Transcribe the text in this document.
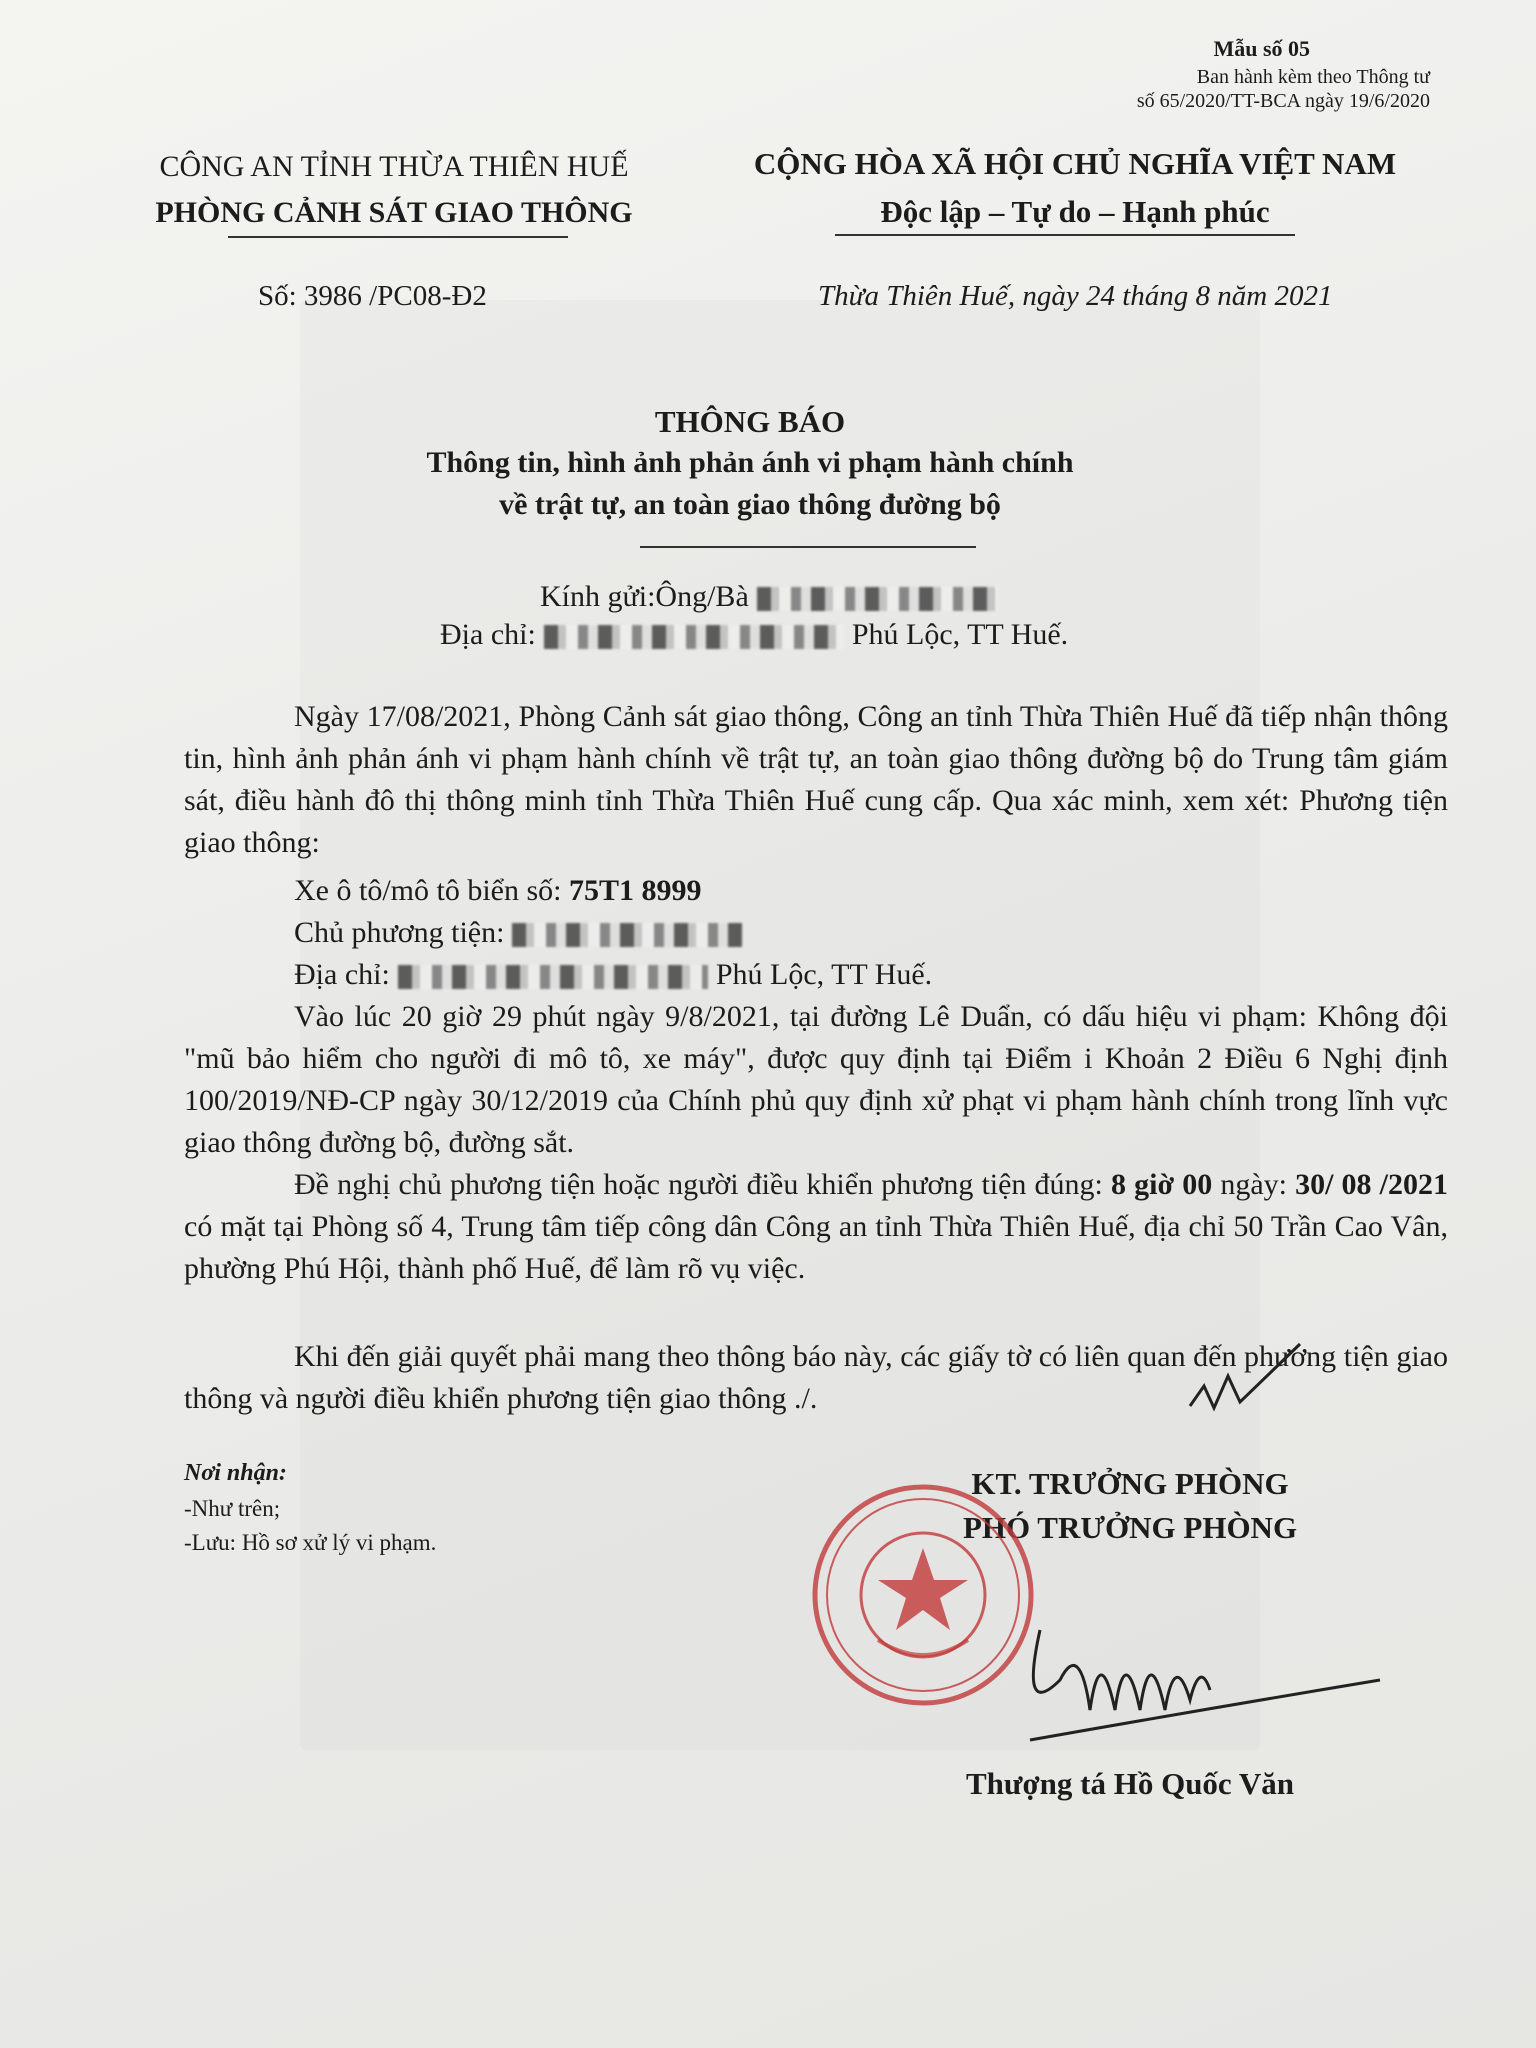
Mẫu số 05
Ban hành kèm theo Thông tư
số 65/2020/TT-BCA ngày 19/6/2020
CÔNG AN TỈNH THỪA THIÊN HUẾ
PHÒNG CẢNH SÁT GIAO THÔNG
CỘNG HÒA XÃ HỘI CHỦ NGHĨA VIỆT NAM
Độc lập – Tự do – Hạnh phúc
Số: 3986 /PC08-Đ2	Thừa Thiên Huế, ngày 24 tháng 8 năm 2021
THÔNG BÁO
Thông tin, hình ảnh phản ánh vi phạm hành chính
về trật tự, an toàn giao thông đường bộ
Kính gửi:Ông/Bà
Địa chỉ:	Phú Lộc, TT Huế.
Ngày 17/08/2021, Phòng Cảnh sát giao thông, Công an tỉnh Thừa Thiên Huế đã tiếp nhận thông tin, hình ảnh phản ánh vi phạm hành chính về trật tự, an toàn giao thông đường bộ do Trung tâm giám sát, điều hành đô thị thông minh tỉnh Thừa Thiên Huế cung cấp. Qua xác minh, xem xét: Phương tiện giao thông:
Xe ô tô/mô tô biển số: 75T1 8999
Chủ phương tiện:
Địa chỉ:	Phú Lộc, TT Huế.
Vào lúc 20 giờ 29 phút ngày 9/8/2021, tại đường Lê Duẩn, có dấu hiệu vi phạm: Không đội "mũ bảo hiểm cho người đi mô tô, xe máy", được quy định tại Điểm i Khoản 2 Điều 6 Nghị định 100/2019/NĐ-CP ngày 30/12/2019 của Chính phủ quy định xử phạt vi phạm hành chính trong lĩnh vực giao thông đường bộ, đường sắt.
Đề nghị chủ phương tiện hoặc người điều khiển phương tiện đúng: 8 giờ 00 ngày: 30/ 08 /2021 có mặt tại Phòng số 4, Trung tâm tiếp công dân Công an tỉnh Thừa Thiên Huế, địa chỉ 50 Trần Cao Vân, phường Phú Hội, thành phố Huế, để làm rõ vụ việc.
Khi đến giải quyết phải mang theo thông báo này, các giấy tờ có liên quan đến phương tiện giao thông và người điều khiển phương tiện giao thông ./.
Nơi nhận:
-Như trên;
-Lưu: Hồ sơ xử lý vi phạm.
KT. TRƯỞNG PHÒNG
PHÓ TRƯỞNG PHÒNG
Thượng tá Hồ Quốc Văn
